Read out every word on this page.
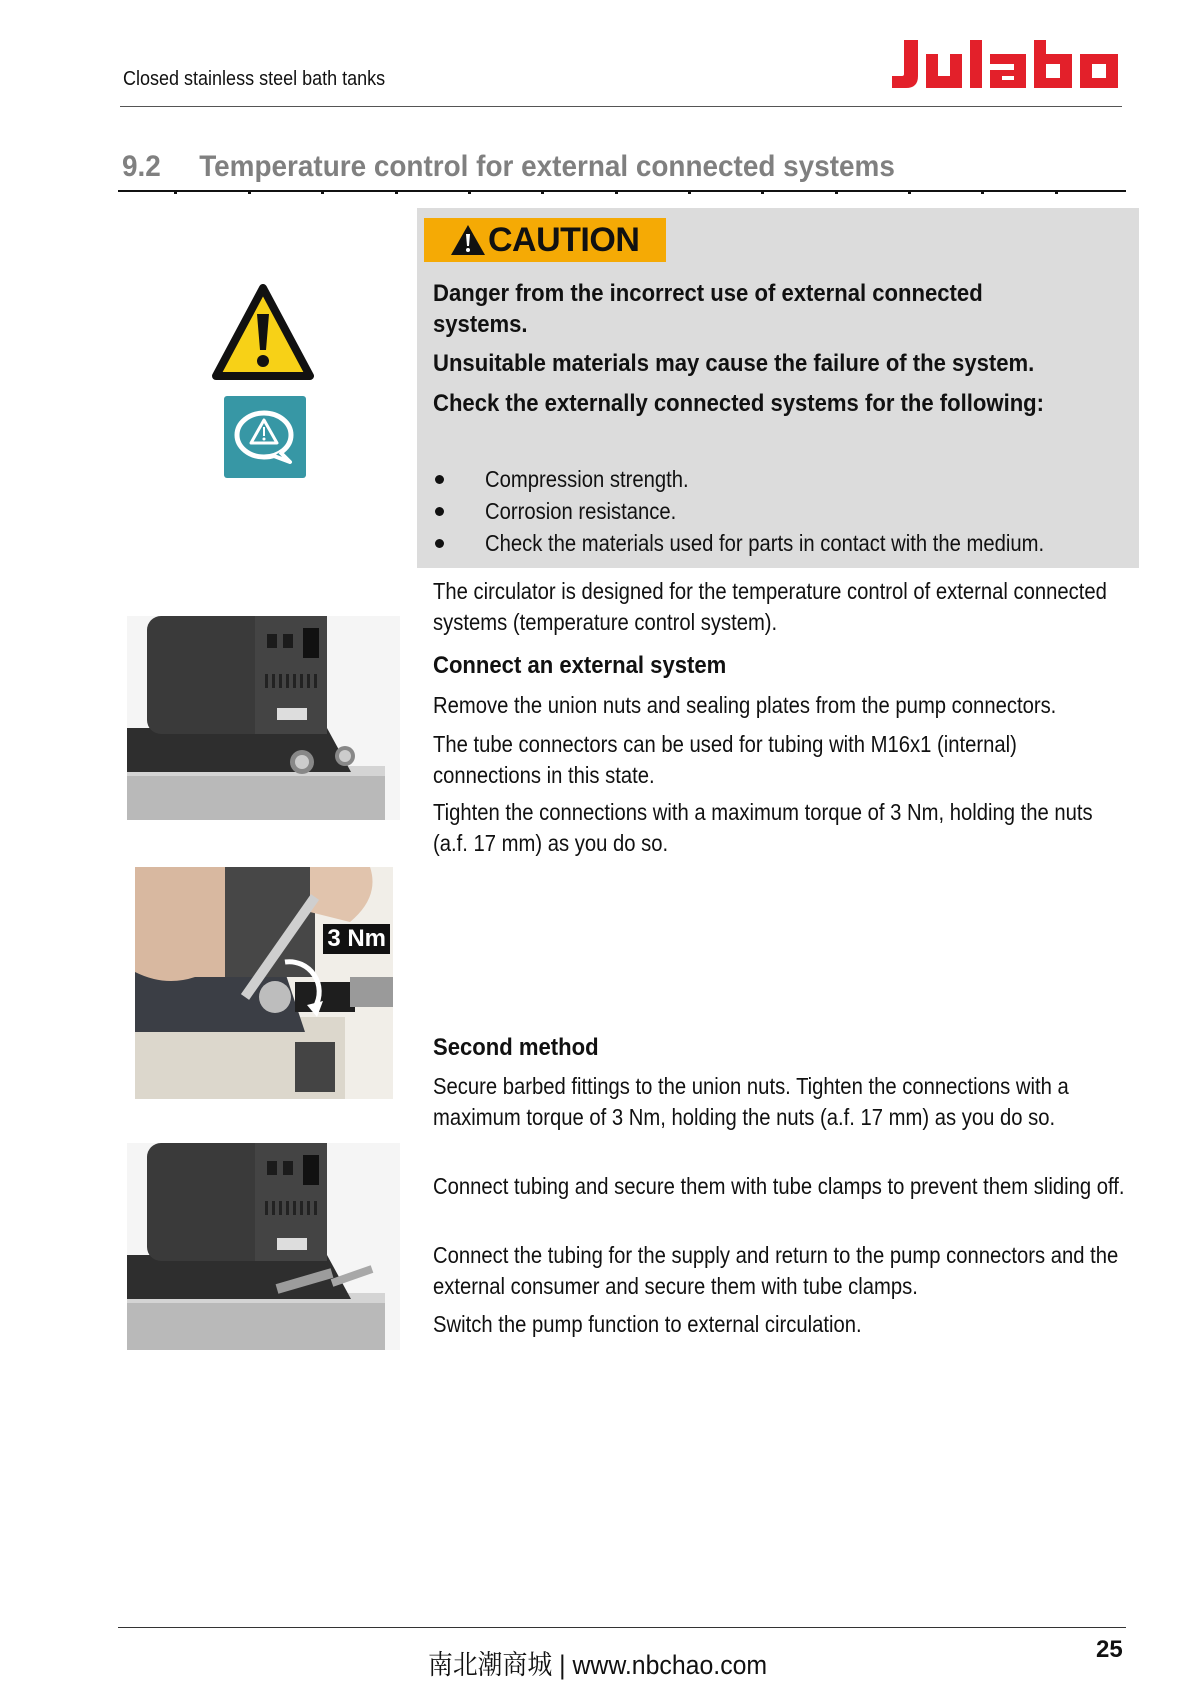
Closed stainless steel bath tanks
9.2 Temperature control for external connected systems
CAUTION
Danger from the incorrect use of external connected systems.
Unsuitable materials may cause the failure of the system.
Check the externally connected systems for the following:
Compression strength.
Corrosion resistance.
Check the materials used for parts in contact with the medium.
The circulator is designed for the temperature control of external connected systems (temperature control system).
Connect an external system
Remove the union nuts and sealing plates from the pump connectors.
The tube connectors can be used for tubing with M16x1 (internal) connections in this state.
Tighten the connections with a maximum torque of 3 Nm, holding the nuts (a.f. 17 mm) as you do so.
Second method
Secure barbed fittings to the union nuts. Tighten the connections with a maximum torque of 3 Nm, holding the nuts (a.f. 17 mm) as you do so.
Connect tubing and secure them with tube clamps to prevent them sliding off.
Connect the tubing for the supply and return to the pump connectors and the external consumer and secure them with tube clamps.
Switch the pump function to external circulation.
3 Nm
南北潮商城 | www.nbchao.com
25
